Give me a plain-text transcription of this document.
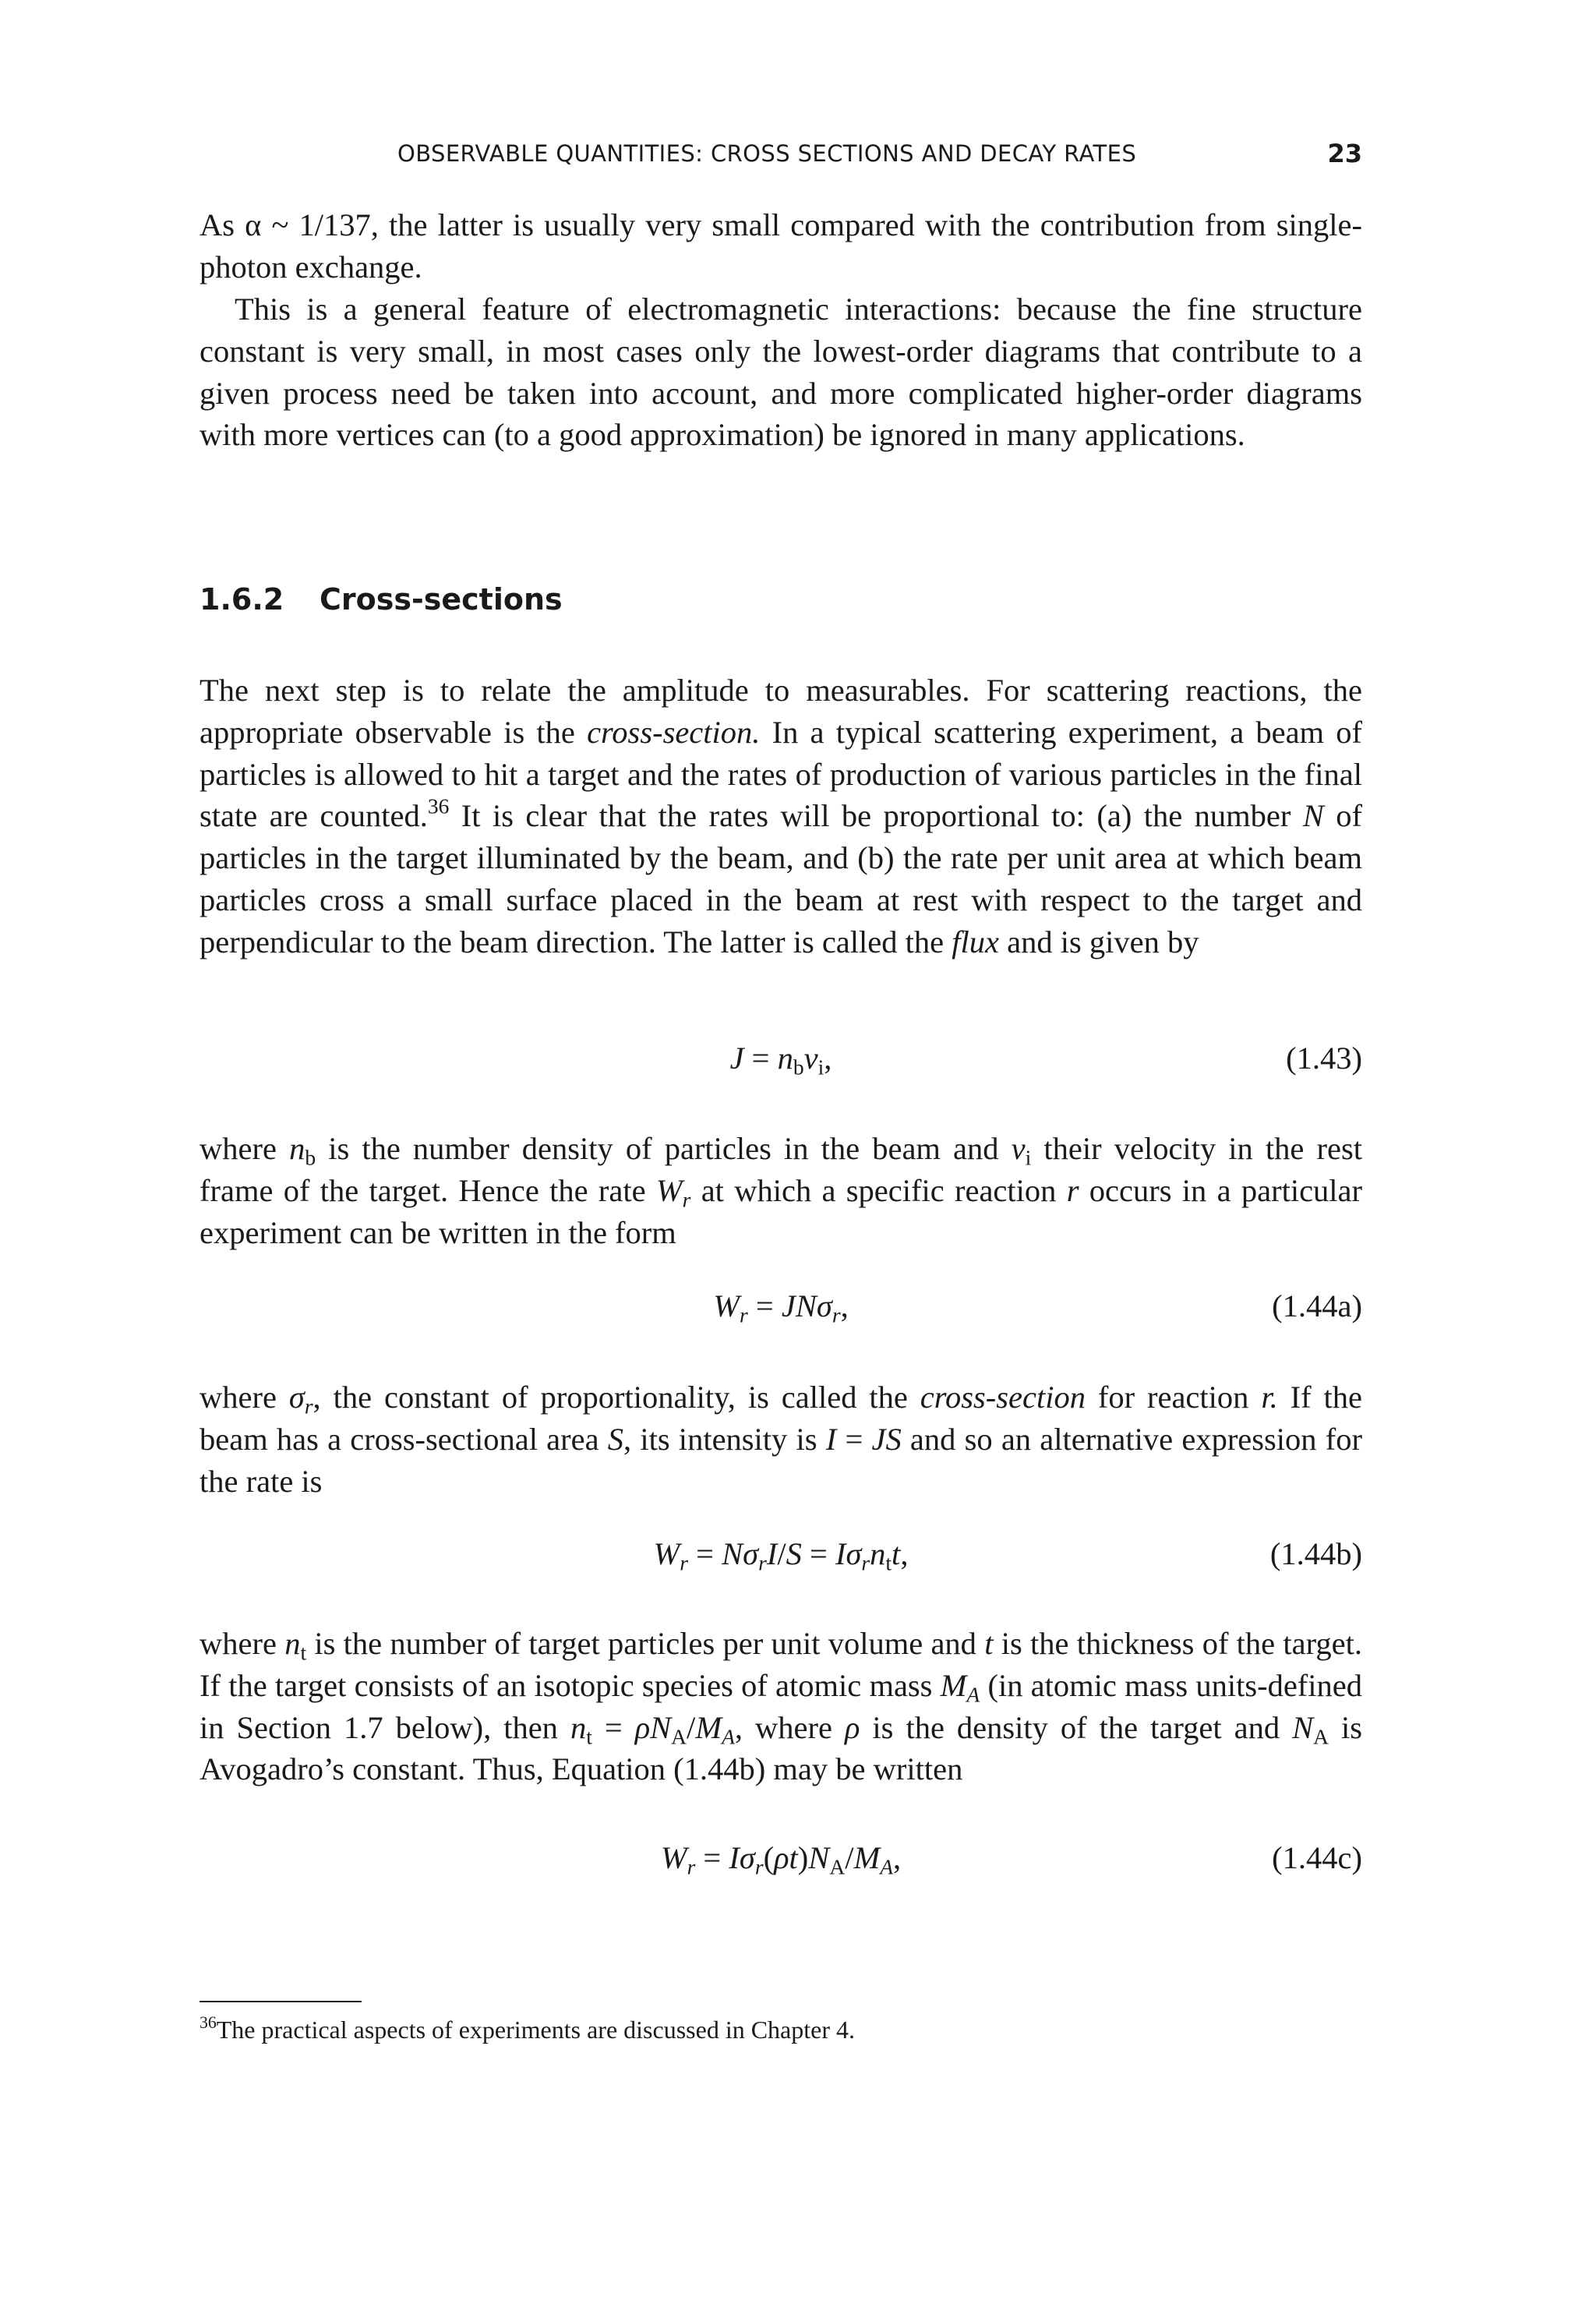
OBSERVABLE QUANTITIES: CROSS SECTIONS AND DECAY RATES	23

As α ~ 1/137, the latter is usually very small compared with the contribution from single-photon exchange.

This is a general feature of electromagnetic interactions: because the fine structure constant is very small, in most cases only the lowest-order diagrams that contribute to a given process need be taken into account, and more complicated higher-order diagrams with more vertices can (to a good approximation) be ignored in many applications.

1.6.2 Cross-sections

The next step is to relate the amplitude to measurables. For scattering reactions, the appropriate observable is the cross-section. In a typical scattering experiment, a beam of particles is allowed to hit a target and the rates of production of various particles in the final state are counted.$^{36}$ It is clear that the rates will be proportional to: (a) the number N of particles in the target illuminated by the beam, and (b) the rate per unit area at which beam particles cross a small surface placed in the beam at rest with respect to the target and perpendicular to the beam direction. The latter is called the flux and is given by

$J = n_bv_i$,	(1.43)

where $n_b$ is the number density of particles in the beam and $v_i$ their velocity in the rest frame of the target. Hence the rate $W_r$ at which a specific reaction r occurs in a particular experiment can be written in the form

$W_r = JN\sigma_r$,	(1.44a)

where $\sigma_r$, the constant of proportionality, is called the cross-section for reaction r. If the beam has a cross-sectional area S, its intensity is I = JS and so an alternative expression for the rate is

$W_r = N\sigma_rI/S = I\sigma_rn_tt$,	(1.44b)

where $n_t$ is the number of target particles per unit volume and t is the thickness of the target. If the target consists of an isotopic species of atomic mass $M_A$ (in atomic mass units-defined in Section 1.7 below), then $n_t = \rho N_A/M_A$, where ρ is the density of the target and $N_A$ is Avogadro’s constant. Thus, Equation (1.44b) may be written

$W_r = I\sigma_r(\rho t)N_A/M_A$,	(1.44c)
$^{36}$The practical aspects of experiments are discussed in Chapter 4.
